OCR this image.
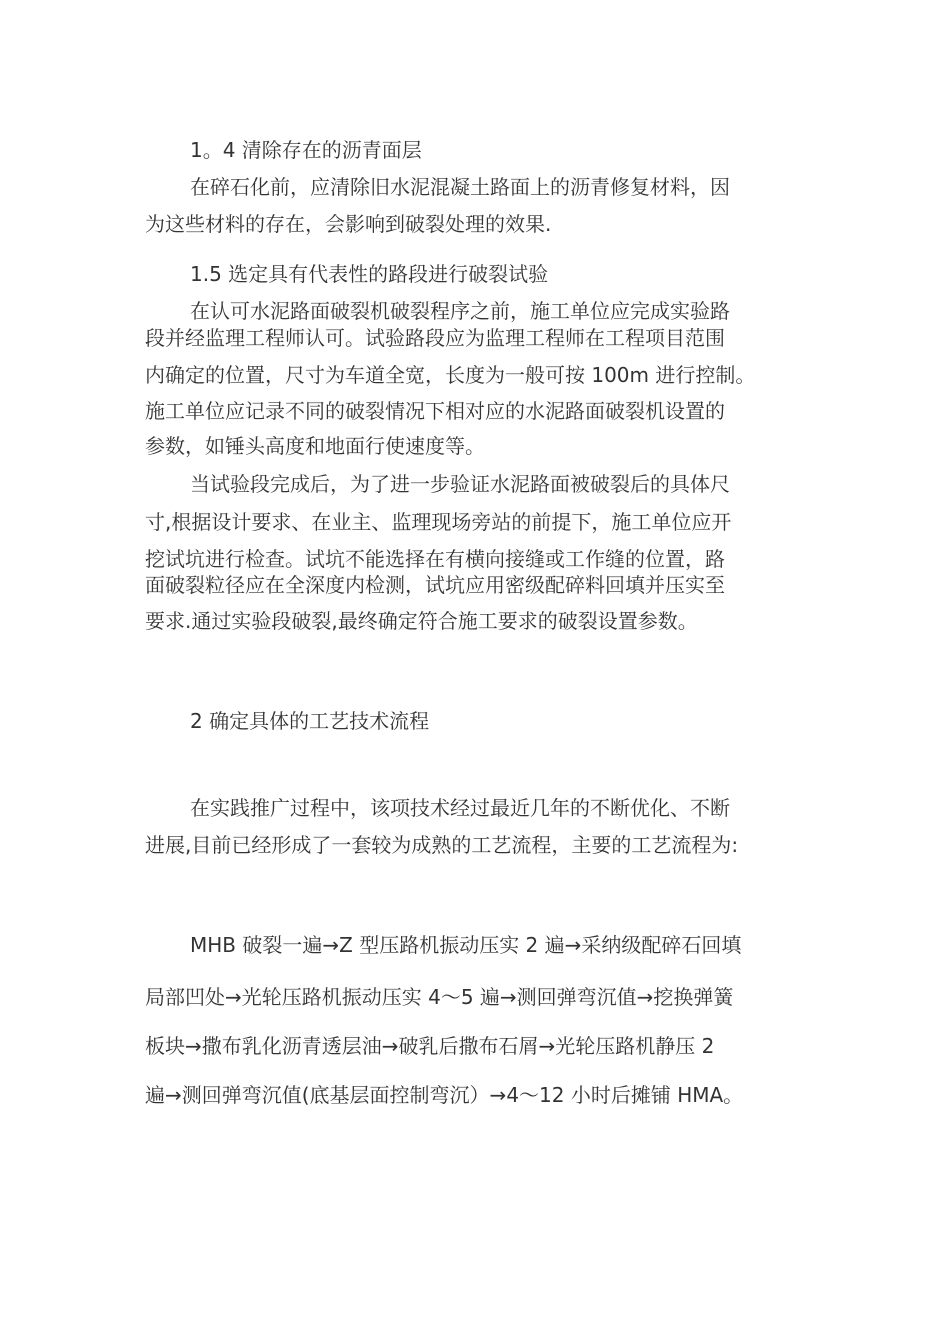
1。4 清除存在的沥青面层
在碎石化前，应清除旧水泥混凝土路面上的沥青修复材料，因
为这些材料的存在，会影响到破裂处理的效果.
1.5 选定具有代表性的路段进行破裂试验
在认可水泥路面破裂机破裂程序之前，施工单位应完成实验路
段并经监理工程师认可。试验路段应为监理工程师在工程项目范围
内确定的位置，尺寸为车道全宽，长度为一般可按 100m 进行控制。
施工单位应记录不同的破裂情况下相对应的水泥路面破裂机设置的
参数，如锤头高度和地面行使速度等。
当试验段完成后，为了进一步验证水泥路面被破裂后的具体尺
寸,根据设计要求、在业主、监理现场旁站的前提下，施工单位应开
挖试坑进行检查。试坑不能选择在有横向接缝或工作缝的位置，路
面破裂粒径应在全深度内检测，试坑应用密级配碎料回填并压实至
要求.通过实验段破裂,最终确定符合施工要求的破裂设置参数。
2 确定具体的工艺技术流程
在实践推广过程中，该项技术经过最近几年的不断优化、不断
进展,目前已经形成了一套较为成熟的工艺流程，主要的工艺流程为:
MHB 破裂一遍→Z 型压路机振动压实 2 遍→采纳级配碎石回填
局部凹处→光轮压路机振动压实 4～5 遍→测回弹弯沉值→挖换弹簧
板块→撒布乳化沥青透层油→破乳后撒布石屑→光轮压路机静压 2
遍→测回弹弯沉值(底基层面控制弯沉）→4～12 小时后摊铺 HMA。
